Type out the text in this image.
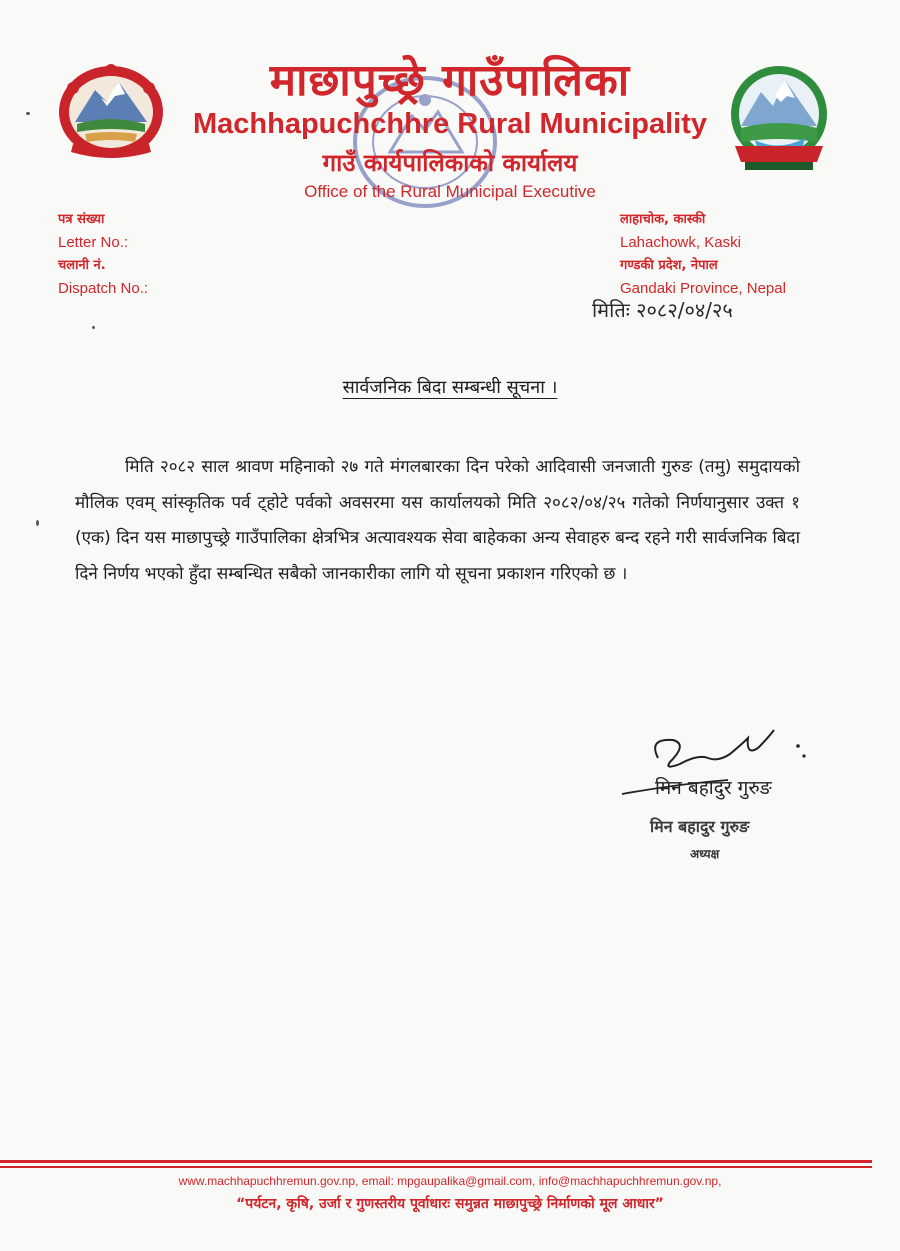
माछापुच्छ्रे गाउँपालिका
Machhapuchchhre Rural Municipality
गाउँ कार्यपालिकाको कार्यालय
Office of the Rural Municipal Executive
पत्र संख्या
Letter No.:
चलानी नं.
Dispatch No.:
लाहाचोक, कास्की
Lahachowk, Kaski
गण्डकी प्रदेश, नेपाल
Gandaki Province, Nepal
मितिः २०८२/०४/२५
सार्वजनिक बिदा सम्बन्धी सूचना ।

मिति २०८२ साल श्रावण महिनाको २७ गते मंगलबारका दिन परेको आदिवासी जनजाती गुरुङ (तमु) समुदायको मौलिक एवम् सांस्कृतिक पर्व ट्होटे पर्वको अवसरमा यस कार्यालयको मिति २०८२/०४/२५ गतेको निर्णयानुसार उक्त १ (एक) दिन यस माछापुच्छ्रे गाउँपालिका क्षेत्रभित्र अत्यावश्यक सेवा बाहेकका अन्य सेवाहरु बन्द रहने गरी सार्वजनिक बिदा दिने निर्णय भएको हुँदा सम्बन्धित सबैको जानकारीका लागि यो सूचना प्रकाशन गरिएको छ ।

मिन बहादुर गुरुङ
मिन बहादुर गुरुङ
अध्यक्ष
www.machhapuchhremun.gov.np, email: mpgaupalika@gmail.com, info@machhapuchhremun.gov.np,
“पर्यटन, कृषि, उर्जा र गुणस्तरीय पूर्वाधारः समुन्नत माछापुच्छ्रे निर्माणको मूल आधार”
